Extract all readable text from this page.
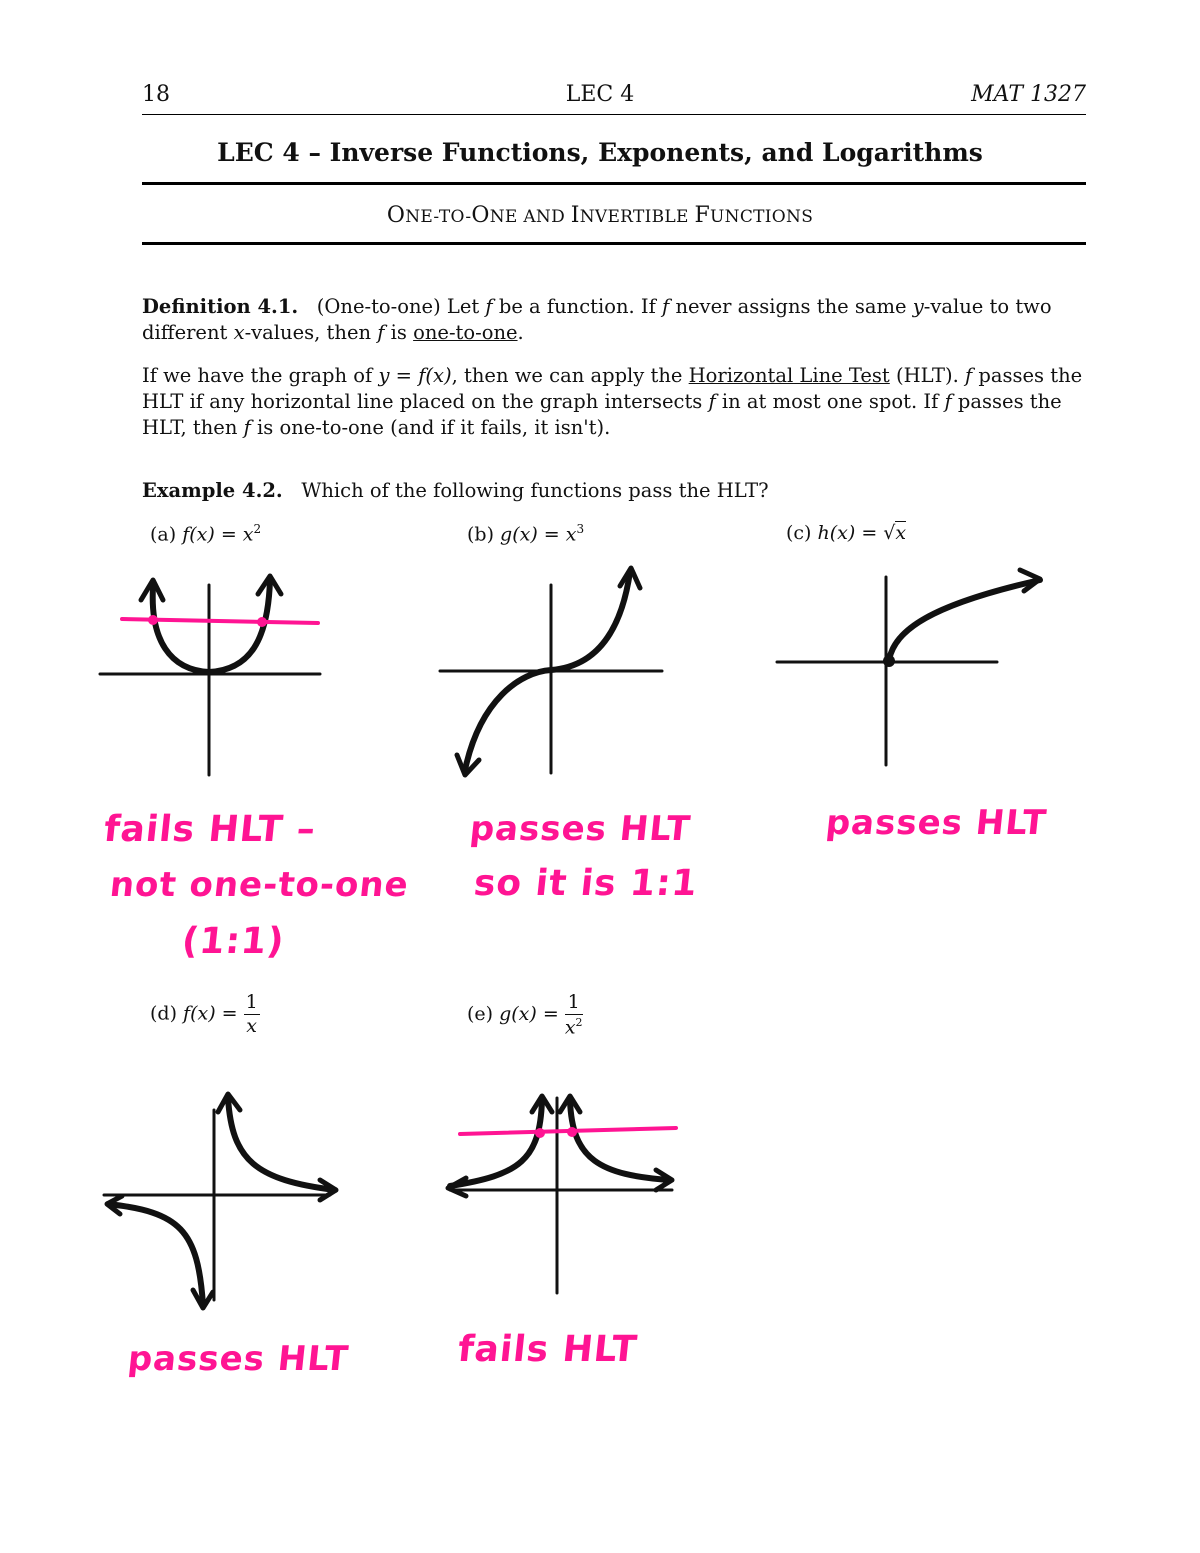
18	LEC 4	MAT 1327
LEC 4 – Inverse Functions, Exponents, and Logarithms
ONE-TO-ONE AND INVERTIBLE FUNCTIONS
Definition 4.1. (One-to-one) Let f be a function. If f never assigns the same y-value to two different x-values, then f is one-to-one.
If we have the graph of y = f(x), then we can apply the Horizontal Line Test (HLT). f passes the HLT if any horizontal line placed on the graph intersects f in at most one spot. If f passes the HLT, then f is one-to-one (and if it fails, it isn't).
Example 4.2. Which of the following functions pass the HLT?
(a) $f(x) = x^2$	(b) $g(x) = x^3$	(c) h(x) = √x
(d) $f(x) = \frac{1}{x}$	(e) $g(x) = \frac{1}{x^2}$
fails HLT –
not one-to-one
(1:1)
passes HLT
so it is 1:1
passes HLT
passes HLT	fails HLT
